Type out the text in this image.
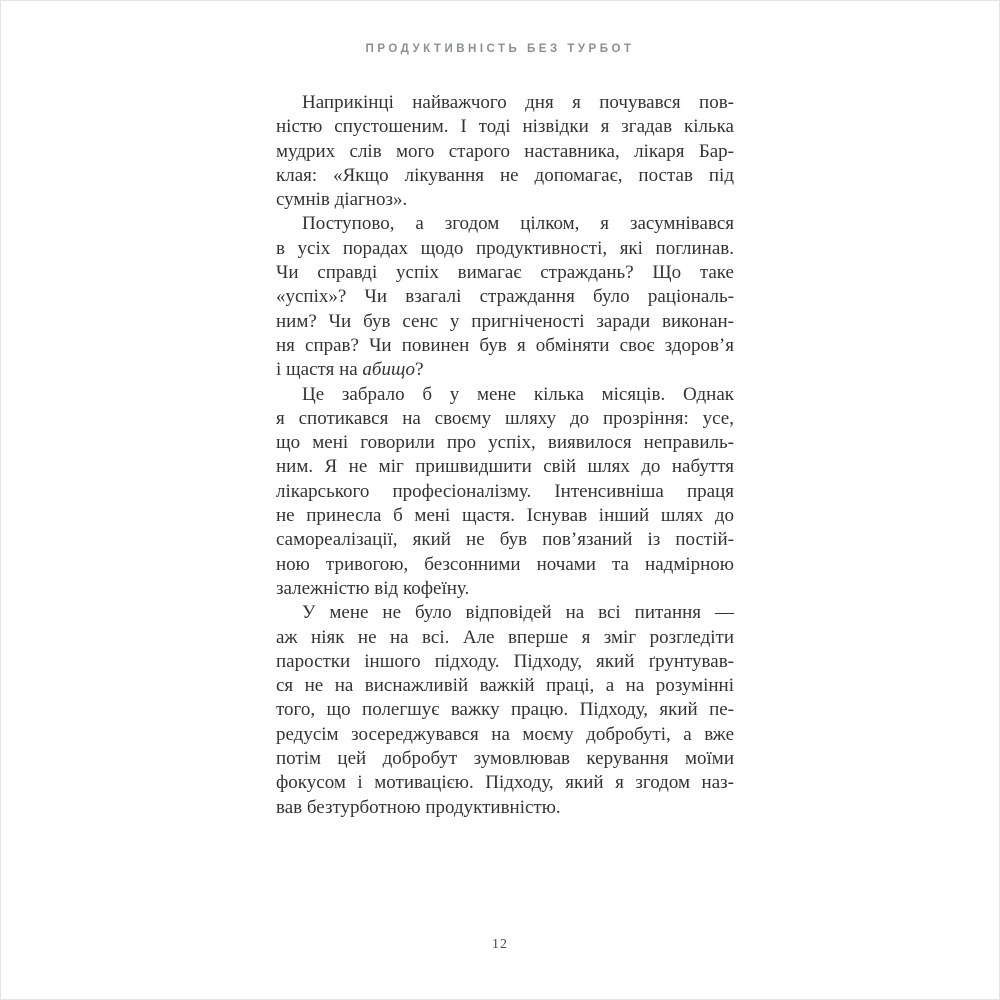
ПРОДУКТИВНІСТЬ БЕЗ ТУРБОТ
Наприкінці найважчого дня я почувався пов-
ністю спустошеним. І тоді нізвідки я згадав кілька
мудрих слів мого старого наставника, лікаря Бар-
клая: «Якщо лікування не допомагає, постав під
сумнів діагноз».
Поступово, а згодом цілком, я засумнівався
в усіх порадах щодо продуктивності, які поглинав.
Чи справді успіх вимагає страждань? Що таке
«успіх»? Чи взагалі страждання було раціональ-
ним? Чи був сенс у пригніченості заради виконан-
ня справ? Чи повинен був я обміняти своє здоров’я
і щастя на абищо?
Це забрало б у мене кілька місяців. Однак
я спотикався на своєму шляху до прозріння: усе,
що мені говорили про успіх, виявилося неправиль-
ним. Я не міг пришвидшити свій шлях до набуття
лікарського професіоналізму. Інтенсивніша праця
не принесла б мені щастя. Існував інший шлях до
самореалізації, який не був пов’язаний із постій-
ною тривогою, безсонними ночами та надмірною
залежністю від кофеїну.
У мене не було відповідей на всі питання —
аж ніяк не на всі. Але вперше я зміг розгледіти
паростки іншого підходу. Підходу, який ґрунтував-
ся не на виснажливій важкій праці, а на розумінні
того, що полегшує важку працю. Підходу, який пе-
редусім зосереджувався на моєму добробуті, а вже
потім цей добробут зумовлював керування моїми
фокусом і мотивацією. Підходу, який я згодом наз-
вав безтурботною продуктивністю.
12
